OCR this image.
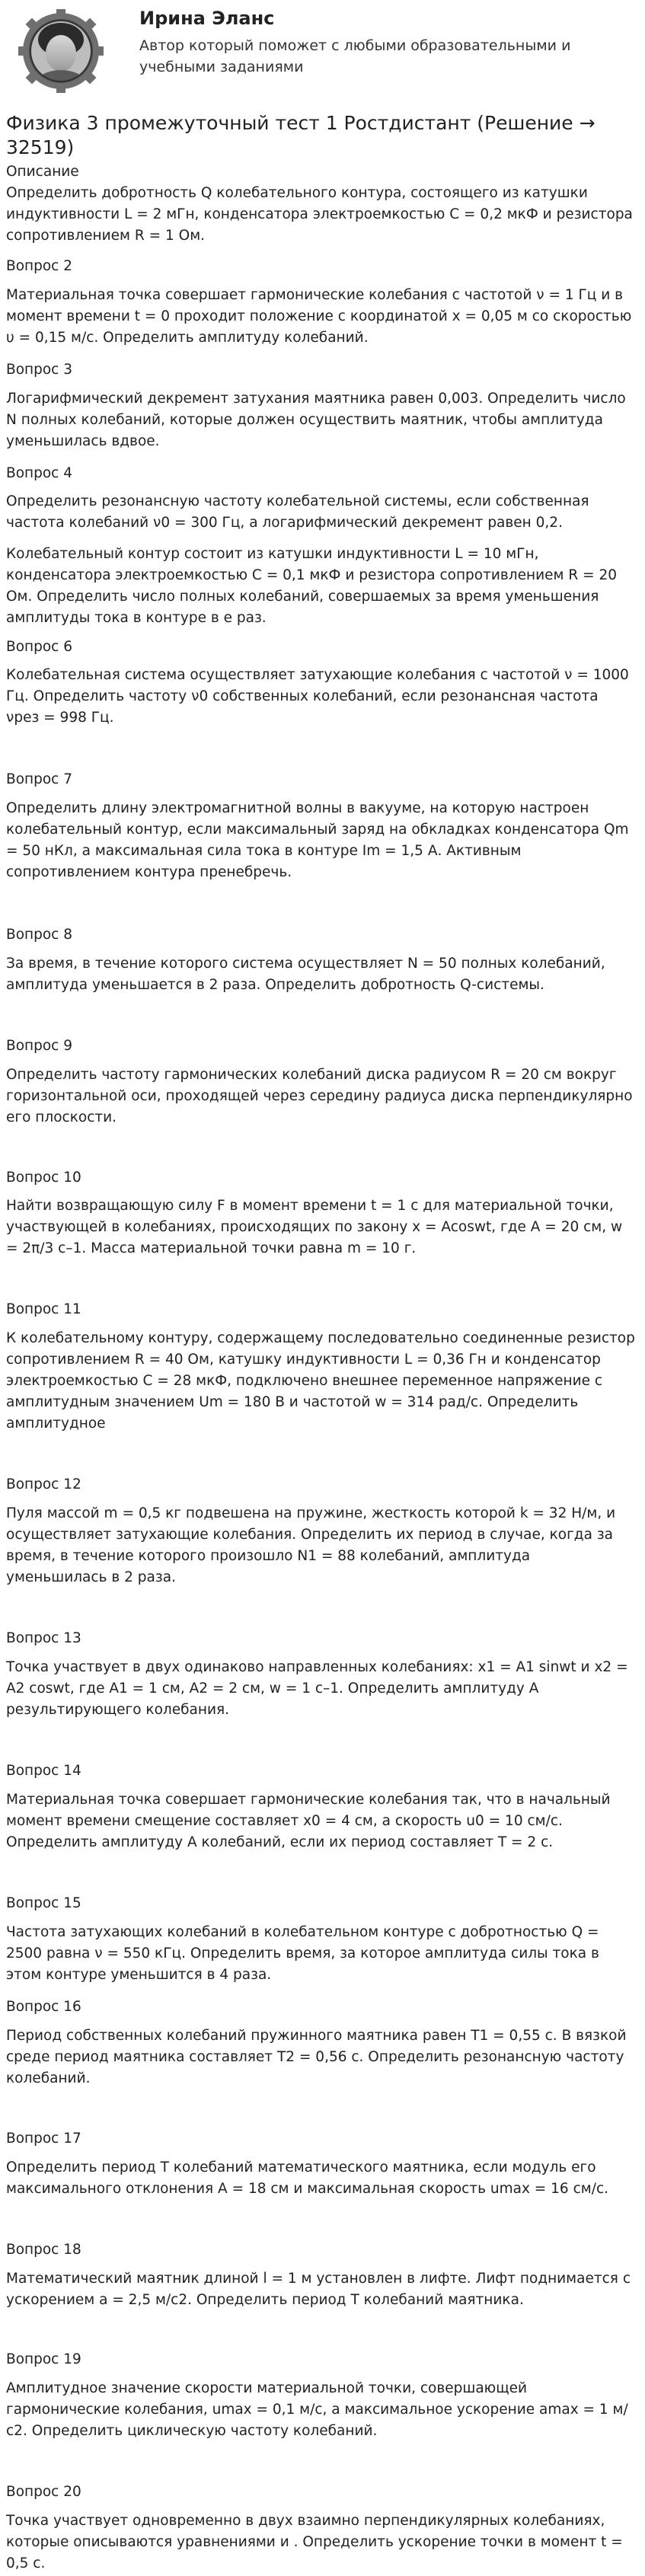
Ирина Эланс
Автор который поможет с любыми образовательными и учебными заданиями
Физика 3 промежуточный тест 1 Ростдистант (Решение → 32519)
Описание
Определить добротность Q колебательного контура, состоящего из катушки индуктивности L = 2 мГн, конденсатора электроемкостью C = 0,2 мкФ и резистора сопротивлением R = 1 Ом.
Вопрос 2
Материальная точка совершает гармонические колебания с частотой ν = 1 Гц и в момент времени t = 0 проходит положение с координатой x = 0,05 м со скоростью υ = 0,15 м/с. Определить амплитуду колебаний.
Вопрос 3
Логарифмический декремент затухания маятника равен 0,003. Определить число N полных колебаний, которые должен осуществить маятник, чтобы амплитуда уменьшилась вдвое.
Вопрос 4
Определить резонансную частоту колебательной системы, если собственная частота колебаний ν0 = 300 Гц, а логарифмический декремент равен 0,2.
Колебательный контур состоит из катушки индуктивности L = 10 мГн, конденсатора электроемкостью C = 0,1 мкФ и резистора сопротивлением R = 20 Ом. Определить число полных колебаний, совершаемых за время уменьшения амплитуды тока в контуре в е раз.
Вопрос 6
Колебательная система осуществляет затухающие колебания с частотой ν = 1000 Гц. Определить частоту ν0 собственных колебаний, если резонансная частота νрез = 998 Гц.
Вопрос 7
Определить длину электромагнитной волны в вакууме, на которую настроен колебательный контур, если максимальный заряд на обкладках конденсатора Qm = 50 нКл, а максимальная сила тока в контуре Im = 1,5 А. Активным сопротивлением контура пренебречь.
Вопрос 8
За время, в течение которого система осуществляет N = 50 полных колебаний, амплитуда уменьшается в 2 раза. Определить добротность Q-системы.
Вопрос 9
Определить частоту гармонических колебаний диска радиусом R = 20 см вокруг горизонтальной оси, проходящей через середину радиуса диска перпендикулярно его плоскости.
Вопрос 10
Найти возвращающую силу F в момент времени t = 1 с для материальной точки, участвующей в колебаниях, происходящих по закону x = Acoswt, где A = 20 см, w = 2π/3 с–1. Масса материальной точки равна m = 10 г.
Вопрос 11
К колебательному контуру, содержащему последовательно соединенные резистор сопротивлением R = 40 Ом, катушку индуктивности L = 0,36 Гн и конденсатор электроемкостью C = 28 мкФ, подключено внешнее переменное напряжение с амплитудным значением Um = 180 В и частотой w = 314 рад/с. Определить амплитудное
Вопрос 12
Пуля массой m = 0,5 кг подвешена на пружине, жесткость которой k = 32 Н/м, и осуществляет затухающие колебания. Определить их период в случае, когда за время, в течение которого произошло N1 = 88 колебаний, амплитуда уменьшилась в 2 раза.
Вопрос 13
Точка участвует в двух одинаково направленных колебаниях: x1 = A1 sinwt и x2 = A2 coswt, где A1 = 1 см, A2 = 2 см, w = 1 с–1. Определить амплитуду A результирующего колебания.
Вопрос 14
Материальная точка совершает гармонические колебания так, что в начальный момент времени смещение составляет x0 = 4 см, а скорость u0 = 10 см/с. Определить амплитуду A колебаний, если их период составляет T = 2 с.
Вопрос 15
Частота затухающих колебаний в колебательном контуре с добротностью Q = 2500 равна ν = 550 кГц. Определить время, за которое амплитуда силы тока в этом контуре уменьшится в 4 раза.
Вопрос 16
Период собственных колебаний пружинного маятника равен T1 = 0,55 с. В вязкой среде период маятника составляет T2 = 0,56 с. Определить резонансную частоту колебаний.
Вопрос 17
Определить период T колебаний математического маятника, если модуль его максимального отклонения A = 18 см и максимальная скорость umax = 16 см/с.
Вопрос 18
Математический маятник длиной l = 1 м установлен в лифте. Лифт поднимается с ускорением a = 2,5 м/с2. Определить период T колебаний маятника.
Вопрос 19
Амплитудное значение скорости материальной точки, совершающей гармонические колебания, umax = 0,1 м/с, а максимальное ускорение amax = 1 м/с2. Определить циклическую частоту колебаний.
Вопрос 20
Точка участвует одновременно в двух взаимно перпендикулярных колебаниях, которые описываются уравнениями и . Определить ускорение точки в момент t = 0,5 с.
